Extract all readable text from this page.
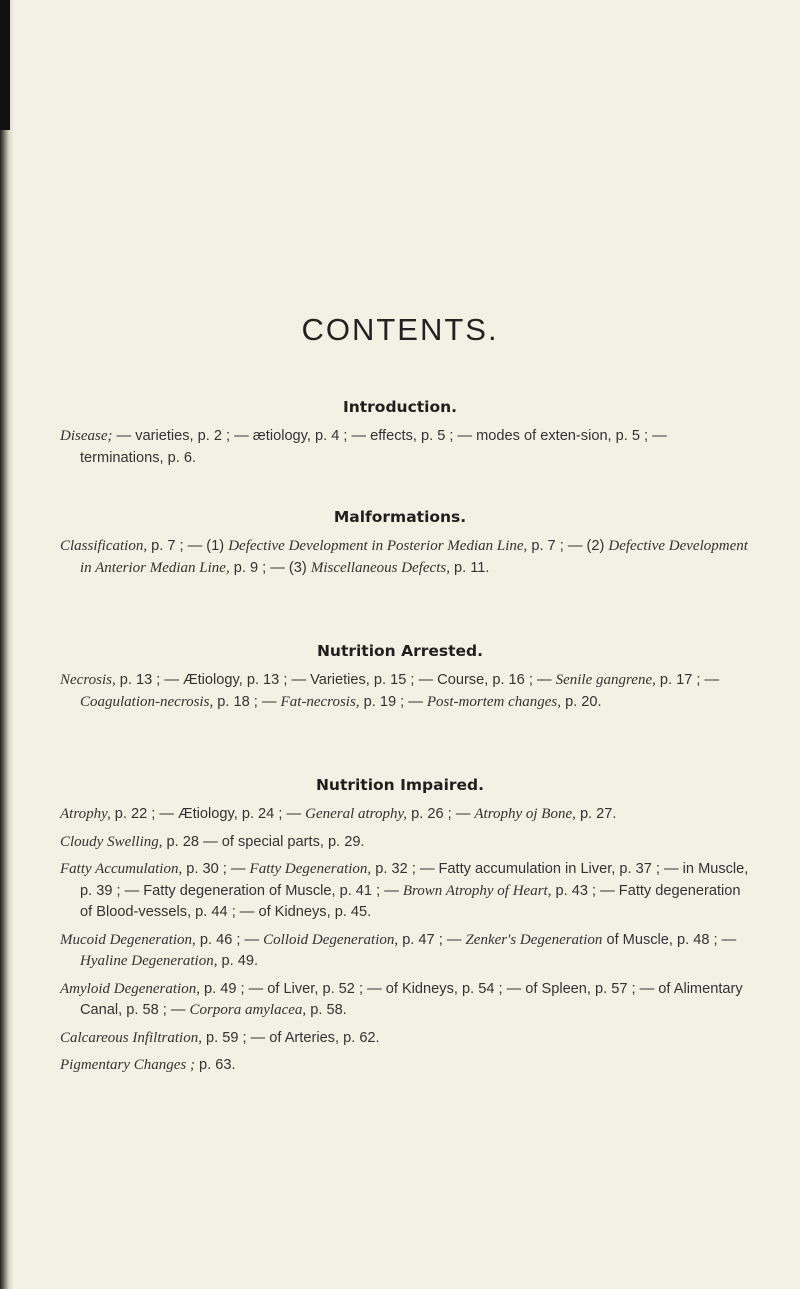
CONTENTS.
Introduction.

Disease; — varieties, p. 2 ; — ætiology, p. 4 ; — effects, p. 5 ; — modes of exten-sion, p. 5 ; — terminations, p. 6.

Malformations.

Classification, p. 7 ; — (1) Defective Development in Posterior Median Line, p. 7 ; — (2) Defective Development in Anterior Median Line, p. 9 ; — (3) Miscellaneous Defects, p. 11.

Nutrition Arrested.

Necrosis, p. 13 ; — Ætiology, p. 13 ; — Varieties, p. 15 ; — Course, p. 16 ; — Senile gangrene, p. 17 ; — Coagulation-necrosis, p. 18 ; — Fat-necrosis, p. 19 ; — Post-mortem changes, p. 20.

Nutrition Impaired.

Atrophy, p. 22 ; — Ætiology, p. 24 ; — General atrophy, p. 26 ; — Atrophy oj Bone, p. 27.

Cloudy Swelling, p. 28 — of special parts, p. 29.

Fatty Accumulation, p. 30 ; — Fatty Degeneration, p. 32 ; — Fatty accumulation in Liver, p. 37 ; — in Muscle, p. 39 ; — Fatty degeneration of Muscle, p. 41 ; — Brown Atrophy of Heart, p. 43 ; — Fatty degeneration of Blood-vessels, p. 44 ; — of Kidneys, p. 45.

Mucoid Degeneration, p. 46 ; — Colloid Degeneration, p. 47 ; — Zenker's Degeneration of Muscle, p. 48 ; — Hyaline Degeneration, p. 49.

Amyloid Degeneration, p. 49 ; — of Liver, p. 52 ; — of Kidneys, p. 54 ; — of Spleen, p. 57 ; — of Alimentary Canal, p. 58 ; — Corpora amylacea, p. 58.

Calcareous Infiltration, p. 59 ; — of Arteries, p. 62.

Pigmentary Changes ; p. 63.
